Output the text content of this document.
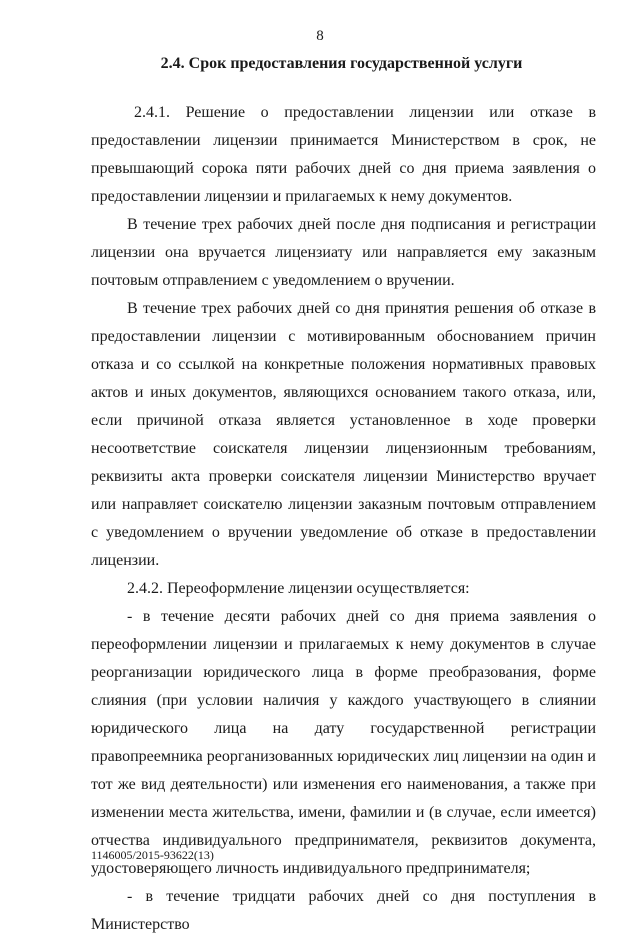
8
2.4. Срок предоставления государственной услуги

2.4.1. Решение о предоставлении лицензии или отказе в предоставлении лицензии принимается Министерством в срок, не превышающий сорока пяти рабочих дней со дня приема заявления о предоставлении лицензии и прилагаемых к нему документов.

В течение трех рабочих дней после дня подписания и регистрации лицензии она вручается лицензиату или направляется ему заказным почтовым отправлением с уведомлением о вручении.

В течение трех рабочих дней со дня принятия решения об отказе в предоставлении лицензии с мотивированным обоснованием причин отказа и со ссылкой на конкретные положения нормативных правовых актов и иных документов, являющихся основанием такого отказа, или, если причиной отказа является установленное в ходе проверки несоответствие соискателя лицензии лицензионным требованиям, реквизиты акта проверки соискателя лицензии Министерство вручает или направляет соискателю лицензии заказным почтовым отправлением с уведомлением о вручении уведомление об отказе в предоставлении лицензии.

2.4.2. Переоформление лицензии осуществляется:

- в течение десяти рабочих дней со дня приема заявления о переоформлении лицензии и прилагаемых к нему документов в случае реорганизации юридического лица в форме преобразования, форме слияния (при условии наличия у каждого участвующего в слиянии юридического лица на дату государственной регистрации правопреемника реорганизованных юридических лиц лицензии на один и тот же вид деятельности) или изменения его наименования, а также при изменении места жительства, имени, фамилии и (в случае, если имеется) отчества индивидуального предпринимателя, реквизитов документа, удостоверяющего личность индивидуального предпринимателя;

- в течение тридцати рабочих дней со дня поступления в Министерство

1146005/2015-93622(13)
